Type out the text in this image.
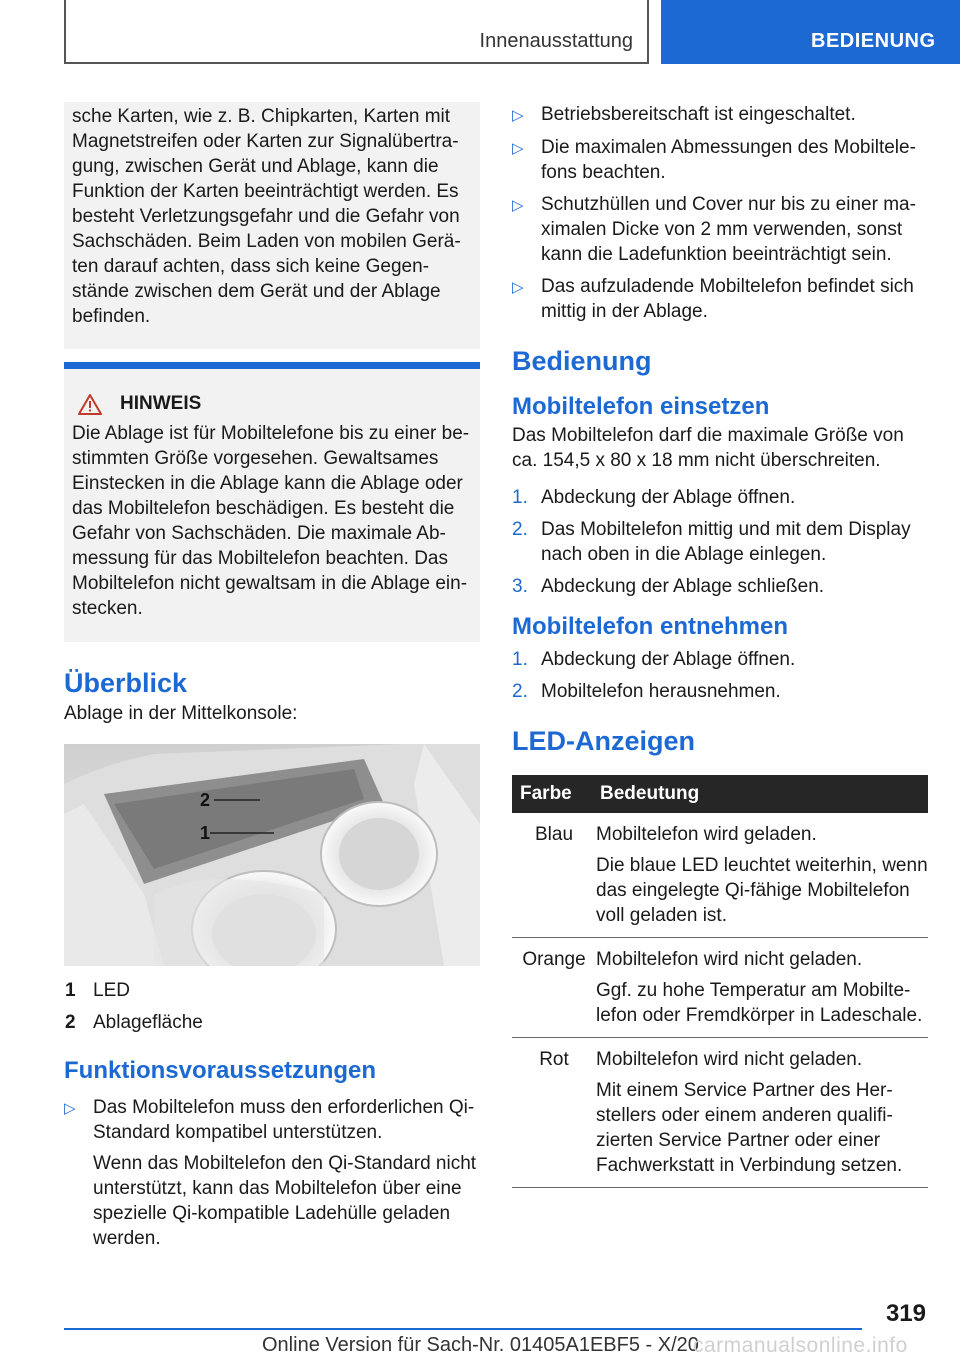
Innenausstattung	BEDIENUNG

sche Karten, wie z. B. Chipkarten, Karten mit Magnetstreifen oder Karten zur Signalübertragung, zwischen Gerät und Ablage, kann die Funktion der Karten beeinträchtigt werden. Es besteht Verletzungsgefahr und die Gefahr von Sachschäden. Beim Laden von mobilen Geräten darauf achten, dass sich keine Gegenstände zwischen dem Gerät und der Ablage befinden.

HINWEIS

Die Ablage ist für Mobiltelefone bis zu einer bestimmten Größe vorgesehen. Gewaltsames Einstecken in die Ablage kann die Ablage oder das Mobiltelefon beschädigen. Es besteht die Gefahr von Sachschäden. Die maximale Abmessung für das Mobiltelefon beachten. Das Mobiltelefon nicht gewaltsam in die Ablage einstecken.

Überblick

Ablage in der Mittelkonsole:

2
1
1 LED
2 Ablagefläche
Funktionsvoraussetzungen
▷ Das Mobiltelefon muss den erforderlichen Qi-Standard kompatibel unterstützen.

Wenn das Mobiltelefon den Qi-Standard nicht unterstützt, kann das Mobiltelefon über eine spezielle Qi-kompatible Ladehülle geladen werden.

▷ Betriebsbereitschaft ist eingeschaltet.

▷ Die maximalen Abmessungen des Mobiltelefons beachten.

▷ Schutzhüllen und Cover nur bis zu einer maximalen Dicke von 2 mm verwenden, sonst kann die Ladefunktion beeinträchtigt sein.

▷ Das aufzuladende Mobiltelefon befindet sich mittig in der Ablage.

Bedienung
Mobiltelefon einsetzen

Das Mobiltelefon darf die maximale Größe von ca. 154,5 x 80 x 18 mm nicht überschreiten.

1. Abdeckung der Ablage öffnen.

2. Das Mobiltelefon mittig und mit dem Display nach oben in die Ablage einlegen.

3. Abdeckung der Ablage schließen.

Mobiltelefon entnehmen
1. Abdeckung der Ablage öffnen.

2. Mobiltelefon herausnehmen.

LED-Anzeigen
Farbe	Bedeutung
Blau	Mobiltelefon wird geladen.

Die blaue LED leuchtet weiterhin, wenn das eingelegte Qi-fähige Mobiltelefon voll geladen ist.

Orange	Mobiltelefon wird nicht geladen.

Ggf. zu hohe Temperatur am Mobiltelefon oder Fremdkörper in Ladeschale.

Rot	Mobiltelefon wird nicht geladen.

Mit einem Service Partner des Herstellers oder einem anderen qualifizierten Service Partner oder einer Fachwerkstatt in Verbindung setzen.

319
Online Version für Sach-Nr. 01405A1EBF5 - X/20
carmanualsonline.info
